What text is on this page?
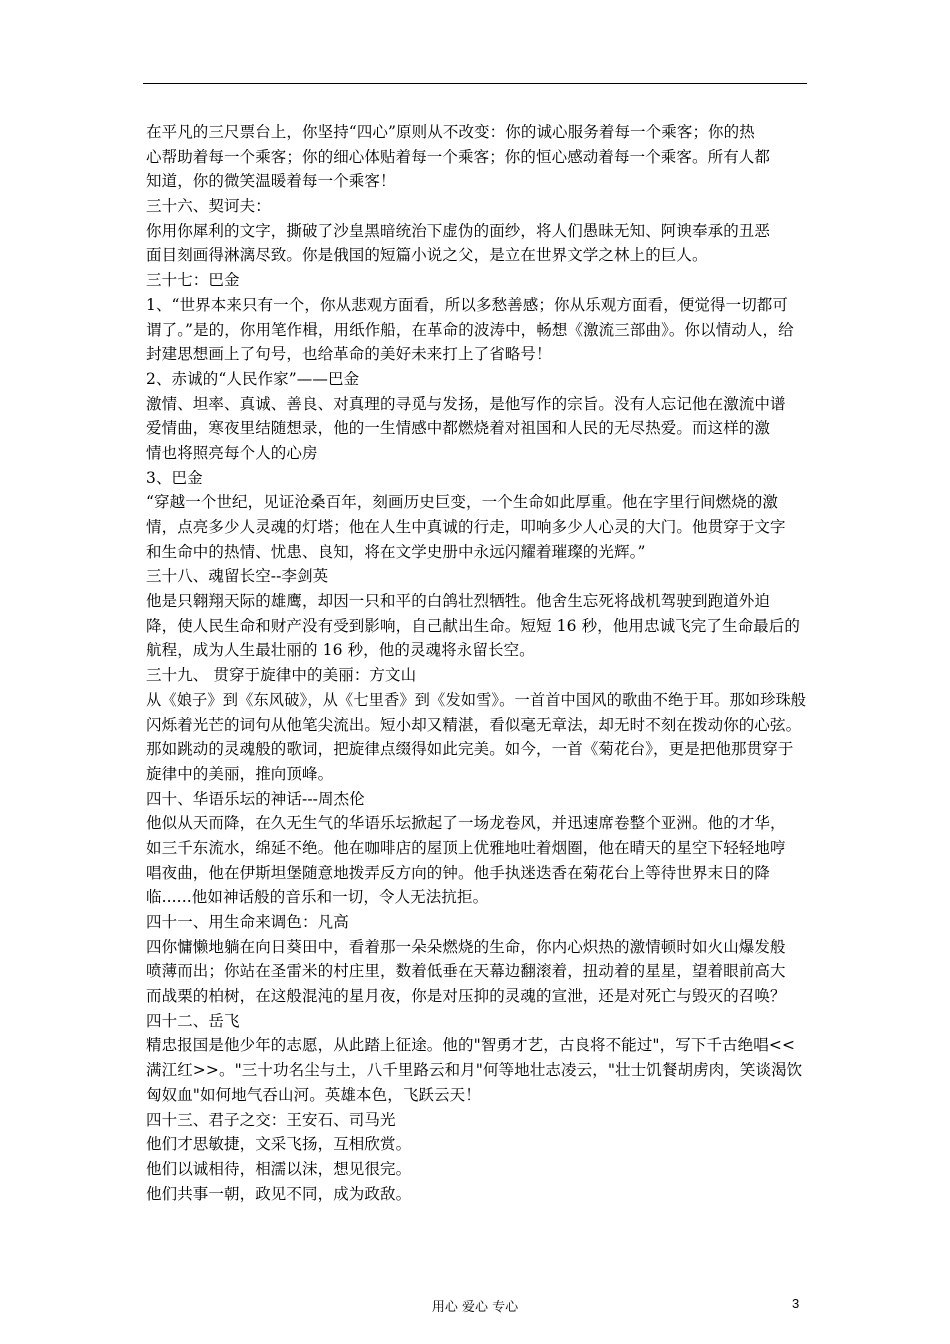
在平凡的三尺票台上，你坚持“四心”原则从不改变：你的诚心服务着每一个乘客；你的热
心帮助着每一个乘客；你的细心体贴着每一个乘客；你的恒心感动着每一个乘客。所有人都
知道，你的微笑温暖着每一个乘客！
三十六、契诃夫：
你用你犀利的文字，撕破了沙皇黑暗统治下虚伪的面纱，将人们愚昧无知、阿谀奉承的丑恶
面目刻画得淋漓尽致。你是俄国的短篇小说之父，是立在世界文学之林上的巨人。
三十七：巴金
1、“世界本来只有一个，你从悲观方面看，所以多愁善感；你从乐观方面看，便觉得一切都可
谓了。”是的，你用笔作楫，用纸作船，在革命的波涛中，畅想《激流三部曲》。你以情动人，给
封建思想画上了句号，也给革命的美好未来打上了省略号！
2、赤诚的“人民作家”——巴金
激情、坦率、真诚、善良、对真理的寻觅与发扬，是他写作的宗旨。没有人忘记他在激流中谱
爱情曲，寒夜里结随想录，他的一生情感中都燃烧着对祖国和人民的无尽热爱。而这样的激
情也将照亮每个人的心房
3、巴金
“穿越一个世纪，见证沧桑百年，刻画历史巨变，一个生命如此厚重。他在字里行间燃烧的激
情，点亮多少人灵魂的灯塔；他在人生中真诚的行走，叩响多少人心灵的大门。他贯穿于文字
和生命中的热情、忧患、良知，将在文学史册中永远闪耀着璀璨的光辉。”
三十八、魂留长空--李剑英
他是只翱翔天际的雄鹰，却因一只和平的白鸽壮烈牺牲。他舍生忘死将战机驾驶到跑道外迫
降，使人民生命和财产没有受到影响，自己献出生命。短短 16 秒，他用忠诚飞完了生命最后的
航程，成为人生最壮丽的 16 秒，他的灵魂将永留长空。
三十九、 贯穿于旋律中的美丽：方文山
从《娘子》到《东风破》，从《七里香》到《发如雪》。一首首中国风的歌曲不绝于耳。那如珍珠般
闪烁着光芒的词句从他笔尖流出。短小却又精湛，看似毫无章法，却无时不刻在拨动你的心弦。
那如跳动的灵魂般的歌词，把旋律点缀得如此完美。如今，一首《菊花台》，更是把他那贯穿于
旋律中的美丽，推向顶峰。
四十、华语乐坛的神话---周杰伦
他似从天而降，在久无生气的华语乐坛掀起了一场龙卷风，并迅速席卷整个亚洲。他的才华，
如三千东流水，绵延不绝。他在咖啡店的屋顶上优雅地吐着烟圈，他在晴天的星空下轻轻地哼
唱夜曲，他在伊斯坦堡随意地拨弄反方向的钟。他手执迷迭香在菊花台上等待世界末日的降
临......他如神话般的音乐和一切，令人无法抗拒。
四十一、用生命来调色：凡高
四你慵懒地躺在向日葵田中，看着那一朵朵燃烧的生命，你内心炽热的激情顿时如火山爆发般
喷薄而出；你站在圣雷米的村庄里，数着低垂在天幕边翻滚着，扭动着的星星，望着眼前高大
而战栗的柏树，在这般混沌的星月夜，你是对压抑的灵魂的宣泄，还是对死亡与毁灭的召唤？
四十二、岳飞
精忠报国是他少年的志愿，从此踏上征途。他的"智勇才艺，古良将不能过"，写下千古绝唱<<
满江红>>。"三十功名尘与土，八千里路云和月"何等地壮志凌云，"壮士饥餐胡虏肉，笑谈渴饮
匈奴血"如何地气吞山河。英雄本色，飞跃云天！
四十三、君子之交：王安石、司马光
他们才思敏捷，文采飞扬，互相欣赏。
他们以诚相待，相濡以沫，想见很完。
他们共事一朝，政见不同，成为政敌。
用心 爱心 专心	3
